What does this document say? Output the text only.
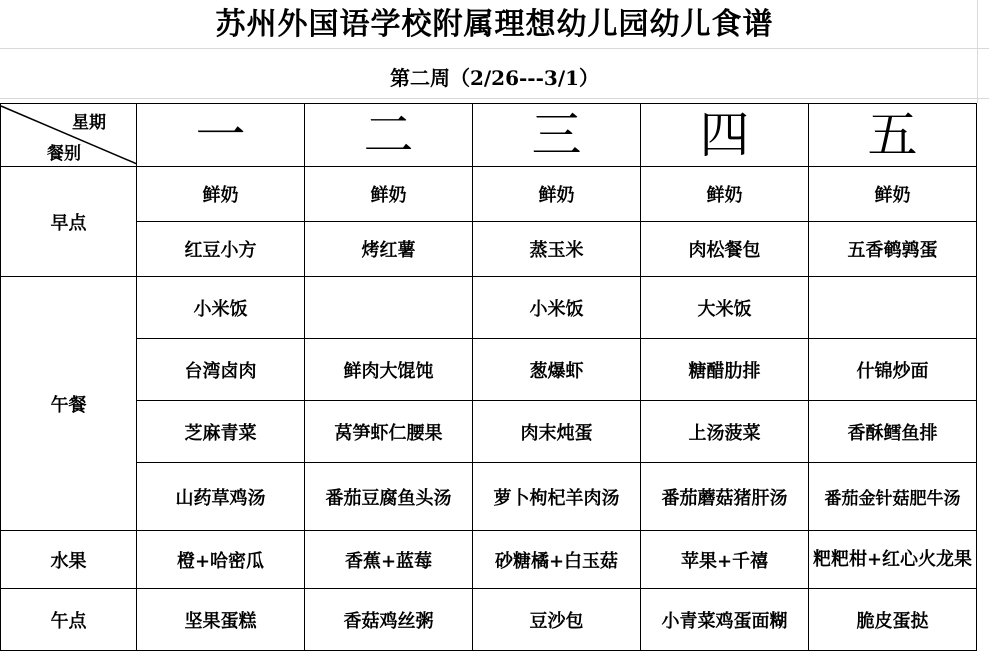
苏州外国语学校附属理想幼儿园幼儿食谱
第二周（2/26---3/1）
星期
餐别	一	二	三	四	五
早点	鲜奶	鲜奶	鲜奶	鲜奶	鲜奶
	红豆小方	烤红薯	蒸玉米	肉松餐包	五香鹌鹑蛋
午餐	小米饭		小米饭	大米饭	
	台湾卤肉	鲜肉大馄饨	葱爆虾	糖醋肋排	什锦炒面
	芝麻青菜	莴笋虾仁腰果	肉末炖蛋	上汤菠菜	香酥鳕鱼排
	山药草鸡汤	番茄豆腐鱼头汤	萝卜枸杞羊肉汤	番茄蘑菇猪肝汤	番茄金针菇肥牛汤
水果	橙+哈密瓜	香蕉+蓝莓	砂糖橘+白玉菇	苹果+千禧	粑粑柑+红心火龙果
午点	坚果蛋糕	香菇鸡丝粥	豆沙包	小青菜鸡蛋面糊	脆皮蛋挞
